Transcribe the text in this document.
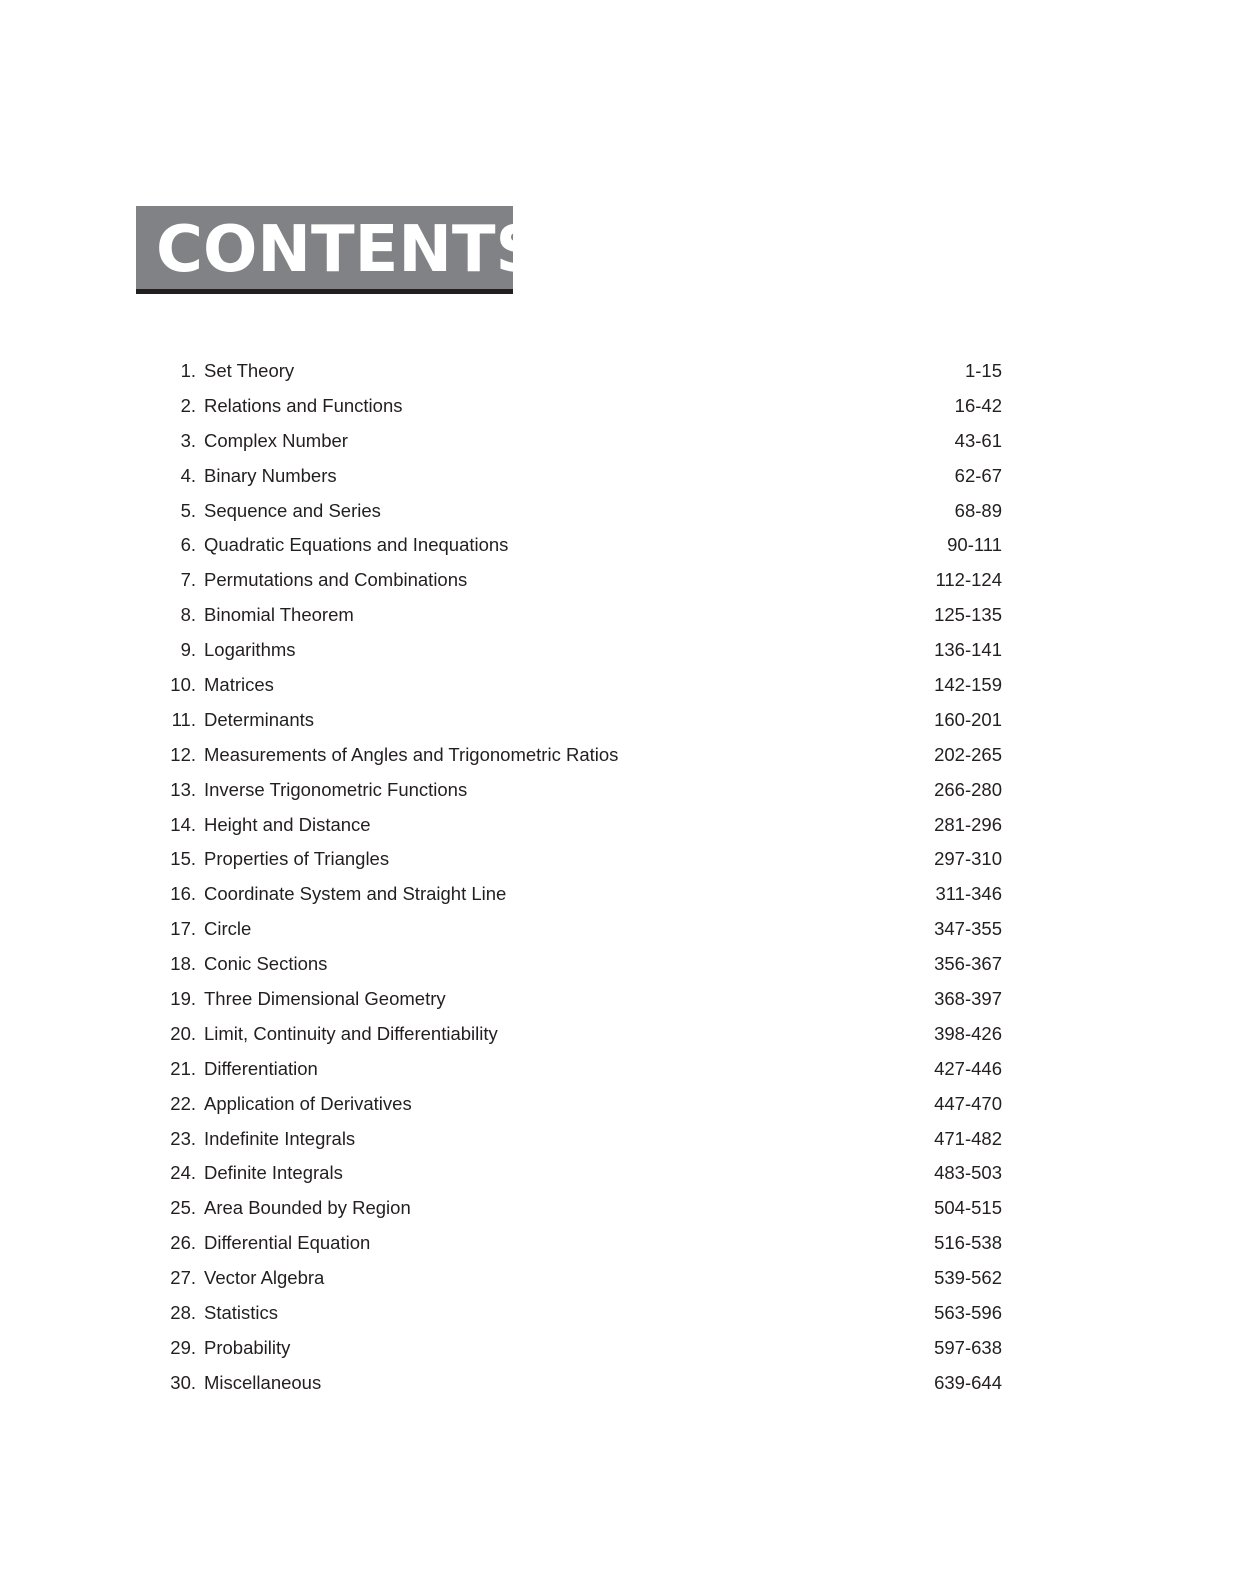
CONTENTS
1. Set Theory	1-15
2. Relations and Functions	16-42
3. Complex Number	43-61
4. Binary Numbers	62-67
5. Sequence and Series	68-89
6. Quadratic Equations and Inequations	90-111
7. Permutations and Combinations	112-124
8. Binomial Theorem	125-135
9. Logarithms	136-141
10. Matrices	142-159
11. Determinants	160-201
12. Measurements of Angles and Trigonometric Ratios	202-265
13. Inverse Trigonometric Functions	266-280
14. Height and Distance	281-296
15. Properties of Triangles	297-310
16. Coordinate System and Straight Line	311-346
17. Circle	347-355
18. Conic Sections	356-367
19. Three Dimensional Geometry	368-397
20. Limit, Continuity and Differentiability	398-426
21. Differentiation	427-446
22. Application of Derivatives	447-470
23. Indefinite Integrals	471-482
24. Definite Integrals	483-503
25. Area Bounded by Region	504-515
26. Differential Equation	516-538
27. Vector Algebra	539-562
28. Statistics	563-596
29. Probability	597-638
30. Miscellaneous	639-644
